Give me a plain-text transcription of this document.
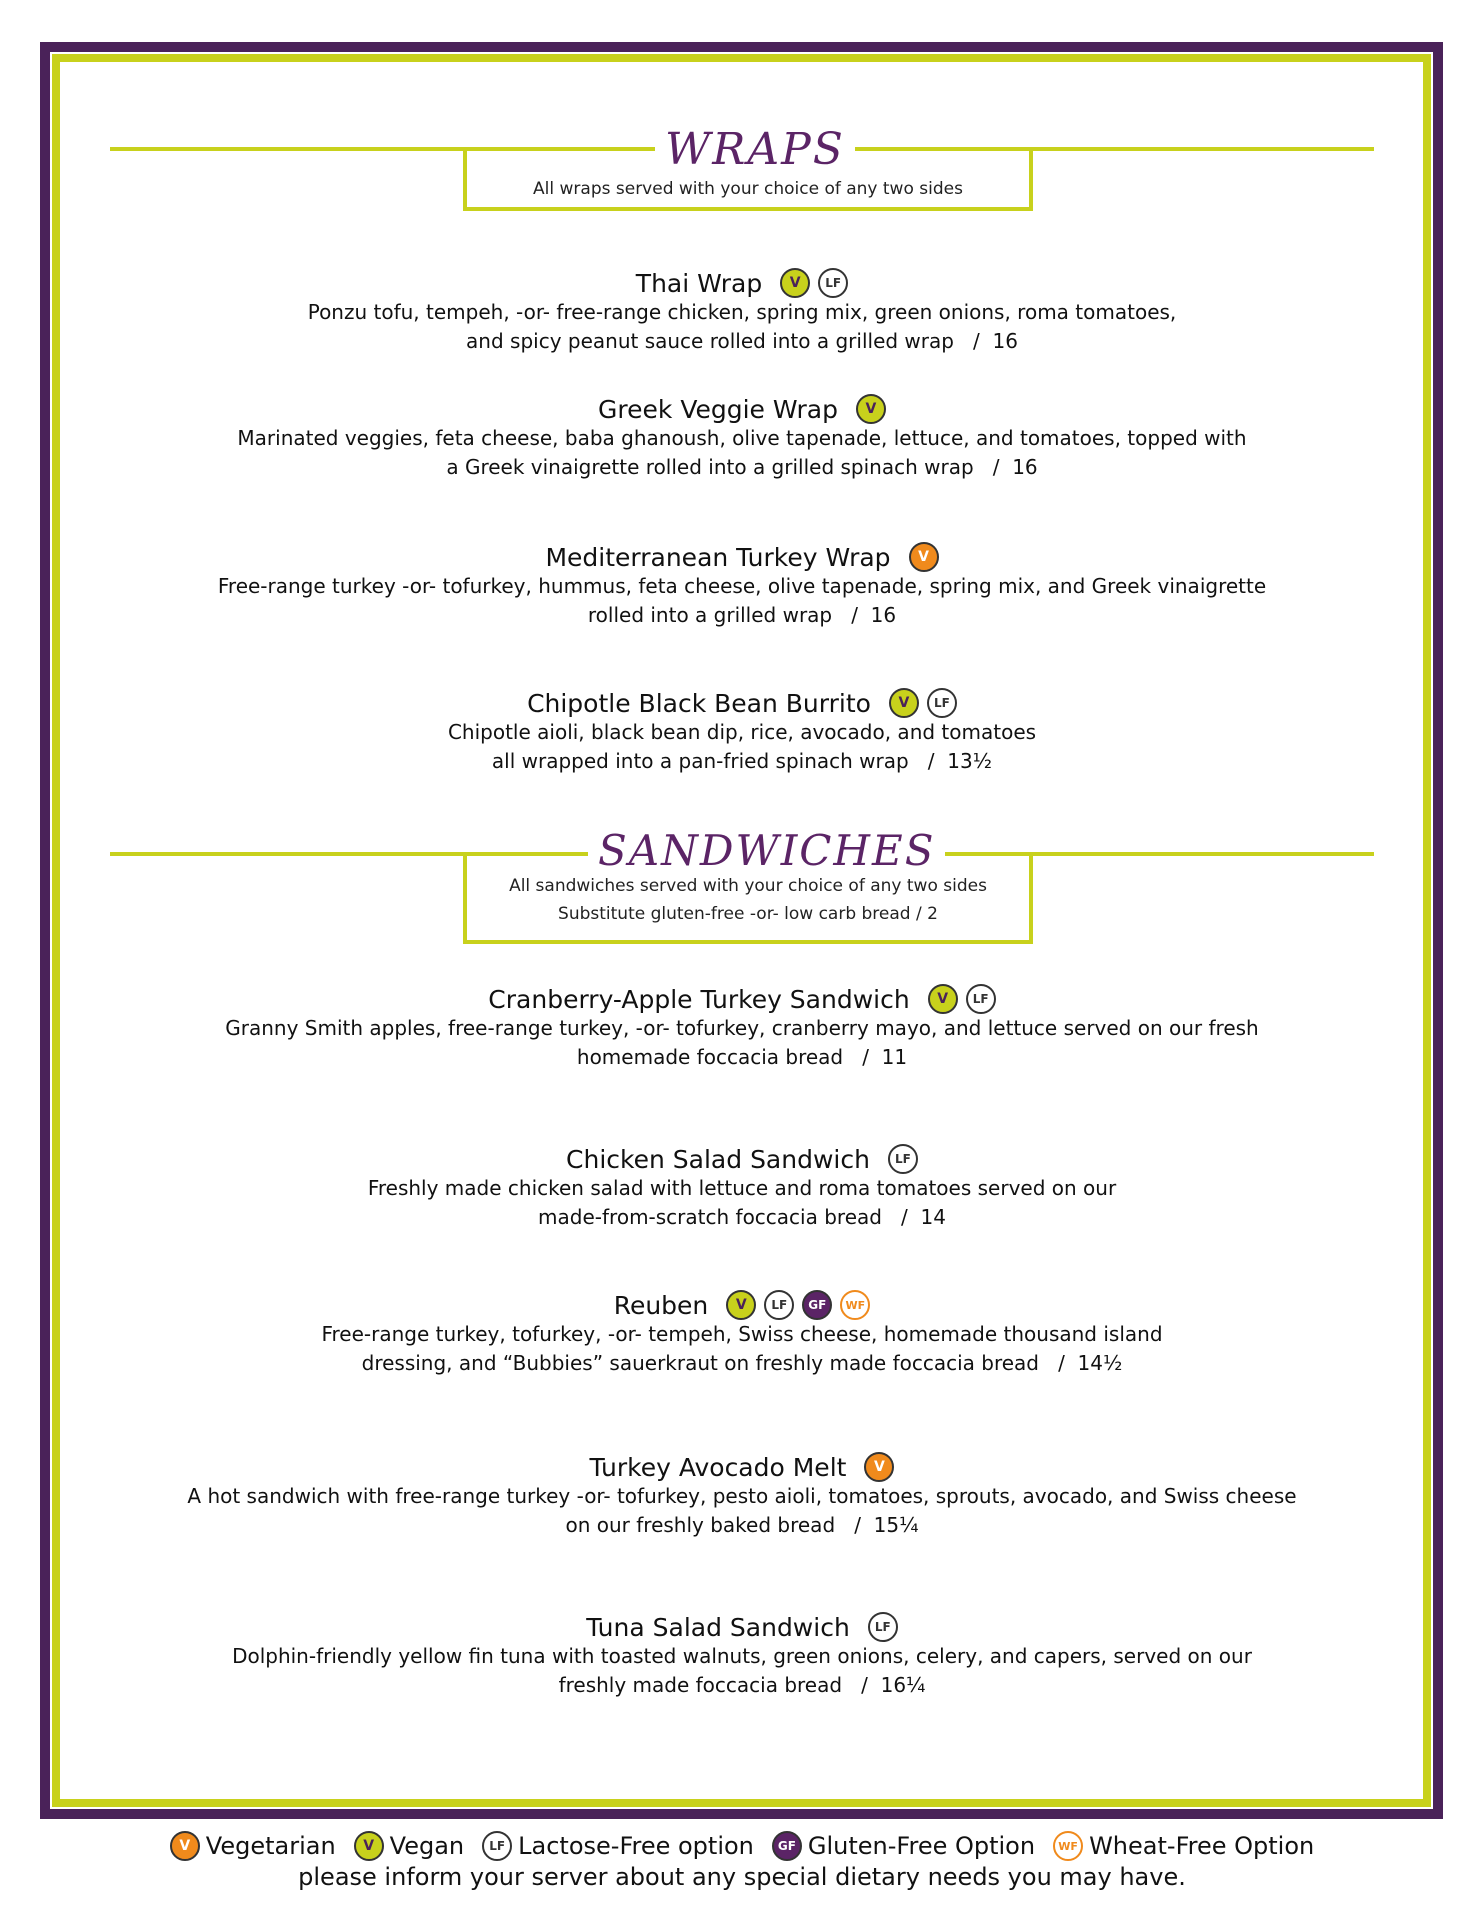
All wraps served with your choice of any two sides
WRAPS
Thai Wrap	V	LF
Ponzu tofu, tempeh, -or- free-range chicken, spring mix, green onions, roma tomatoes,
and spicy peanut sauce rolled into a grilled wrap   /  16
Greek Veggie Wrap	V
Marinated veggies, feta cheese, baba ghanoush, olive tapenade, lettuce, and tomatoes, topped with
a Greek vinaigrette rolled into a grilled spinach wrap   /  16
Mediterranean Turkey Wrap	V
Free-range turkey -or- tofurkey, hummus, feta cheese, olive tapenade, spring mix, and Greek vinaigrette
rolled into a grilled wrap   /  16
Chipotle Black Bean Burrito	V	LF
Chipotle aioli, black bean dip, rice, avocado, and tomatoes
all wrapped into a pan-fried spinach wrap   /  13½
All sandwiches served with your choice of any two sides
Substitute gluten-free -or- low carb bread / 2
SANDWICHES
Cranberry-Apple Turkey Sandwich	V	LF
Granny Smith apples, free-range turkey, -or- tofurkey, cranberry mayo, and lettuce served on our fresh
homemade foccacia bread   /  11
Chicken Salad Sandwich	LF
Freshly made chicken salad with lettuce and roma tomatoes served on our
made-from-scratch foccacia bread   /  14
Reuben	V	LF	GF	WF
Free-range turkey, tofurkey, -or- tempeh, Swiss cheese, homemade thousand island
dressing, and “Bubbies” sauerkraut on freshly made foccacia bread   /  14½
Turkey Avocado Melt	V
A hot sandwich with free-range turkey -or- tofurkey, pesto aioli, tomatoes, sprouts, avocado, and Swiss cheese
on our freshly baked bread   /  15¼
Tuna Salad Sandwich	LF
Dolphin-friendly yellow fin tuna with toasted walnuts, green onions, celery, and capers, served on our
freshly made foccacia bread   /  16¼
V Vegetarian	V Vegan	LF Lactose-Free option	GF Gluten-Free Option	WF Wheat-Free Option
please inform your server about any special dietary needs you may have.
